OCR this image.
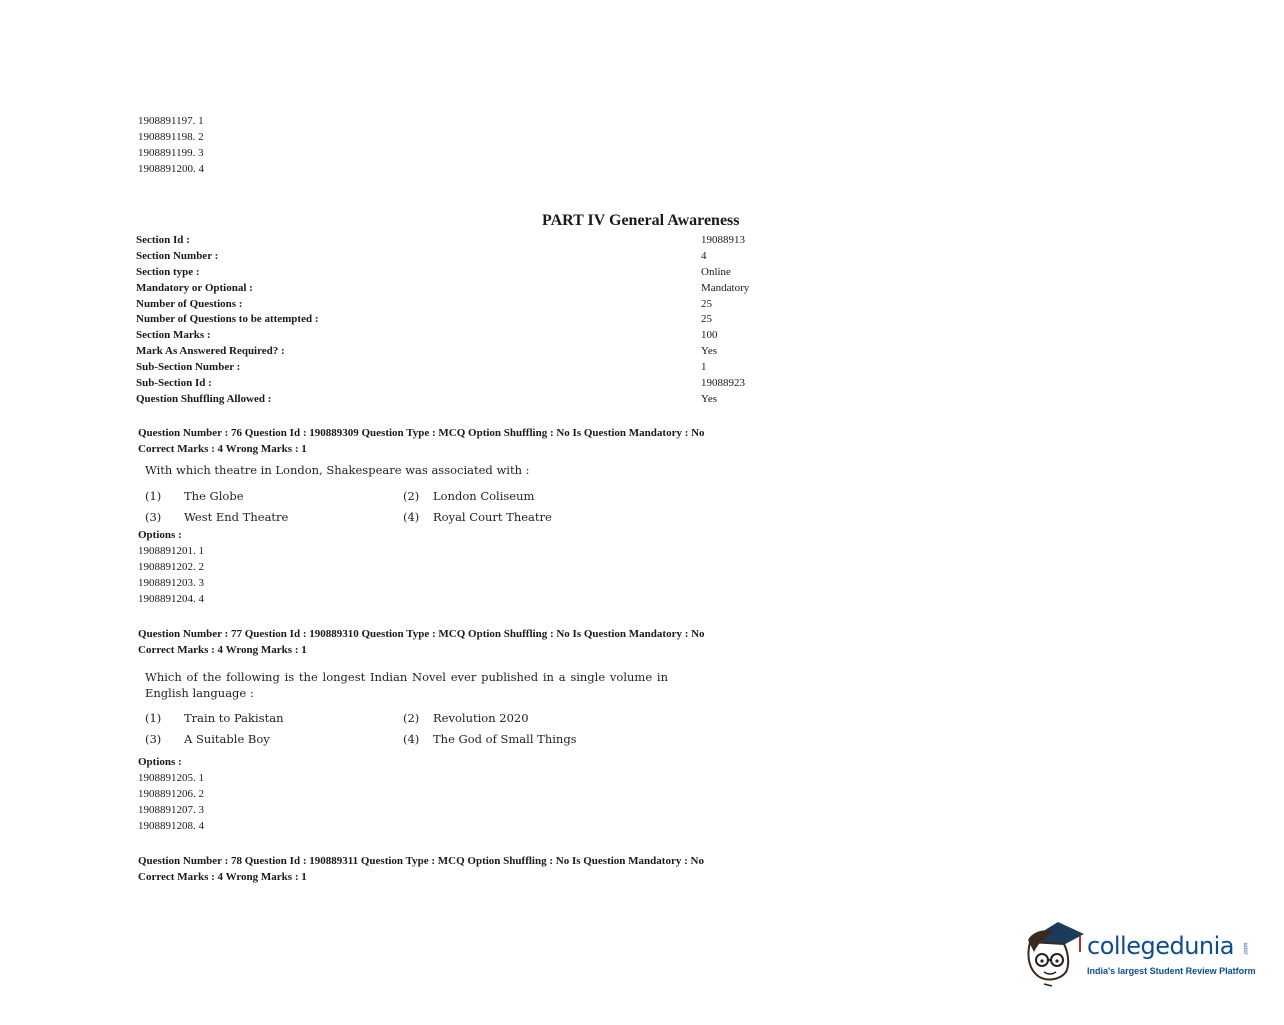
1908891197. 1
1908891198. 2
1908891199. 3
1908891200. 4
PART IV General Awareness
Section Id :	19088913
Section Number :	4
Section type :	Online
Mandatory or Optional :	Mandatory
Number of Questions :	25
Number of Questions to be attempted :	25
Section Marks :	100
Mark As Answered Required? :	Yes
Sub-Section Number :	1
Sub-Section Id :	19088923
Question Shuffling Allowed :	Yes
Question Number : 76 Question Id : 190889309 Question Type : MCQ Option Shuffling : No Is Question Mandatory : No
Correct Marks : 4 Wrong Marks : 1
With which theatre in London, Shakespeare was associated with :
(1) The Globe	(2) London Coliseum
(3) West End Theatre	(4) Royal Court Theatre
Options :
1908891201. 1
1908891202. 2
1908891203. 3
1908891204. 4
Question Number : 77 Question Id : 190889310 Question Type : MCQ Option Shuffling : No Is Question Mandatory : No
Correct Marks : 4 Wrong Marks : 1
Which of the following is the longest Indian Novel ever published in a single volume in
English language :
(1) Train to Pakistan	(2) Revolution 2020
(3) A Suitable Boy	(4) The God of Small Things
Options :
1908891205. 1
1908891206. 2
1908891207. 3
1908891208. 4
Question Number : 78 Question Id : 190889311 Question Type : MCQ Option Shuffling : No Is Question Mandatory : No
Correct Marks : 4 Wrong Marks : 1
collegedunia .com
India's largest Student Review Platform
